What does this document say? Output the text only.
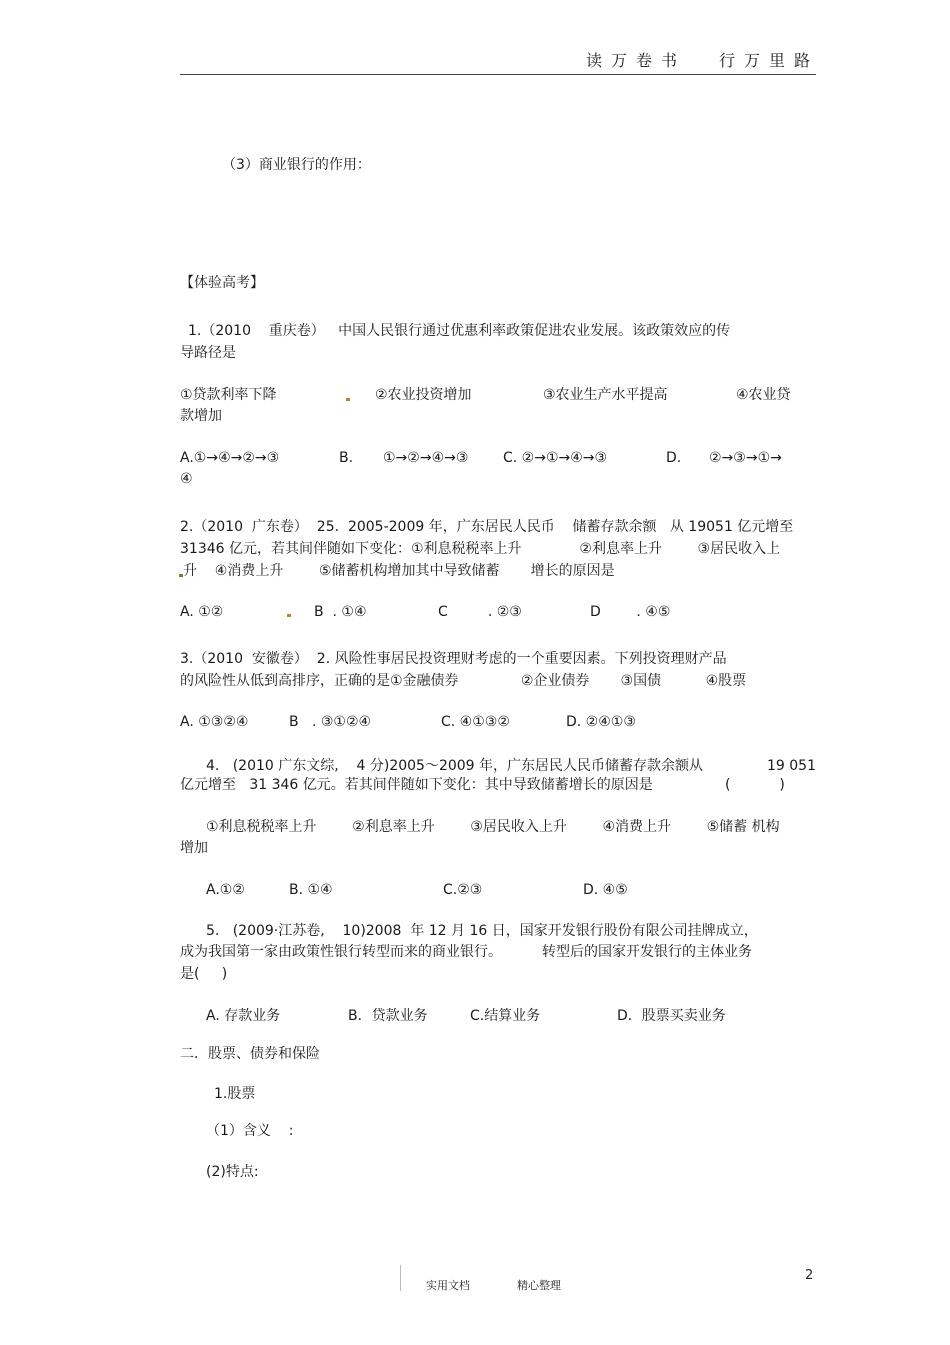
读万卷书 行万里路
（3）商业银行的作用：
【体验高考】
1.（2010    重庆卷）   中国人民银行通过优惠利率政策促进农业发展。该政策效应的传
导路径是
①贷款利率下降	②农业投资增加	③农业生产水平提高	④农业贷
款增加
A.①→④→②→③	B. ①→②→④→③ C. ②→①→④→③	D. ②→③→①→
④
2.（2010  广东卷）  25.  2005-2009 年，广东居民人民币    储蓄存款余额   从 19051 亿元增至
31346 亿元，若其间伴随如下变化：①利息税税率上升             ②利息率上升        ③居民收入上
升    ④消费上升        ⑤储蓄机构增加其中导致储蓄       增长的原因是
A. ①②	B  . ①④	C         . ②③	D        . ④⑤
3.（2010  安徽卷）  2. 风险性事居民投资理财考虑的一个重要因素。下列投资理财产品
的风险性从低到高排序，正确的是①金融债券              ②企业债券       ③国债          ④股票
A. ①③②④	B   . ③①②④	C. ④①③②	D. ②④①③
4.   (2010 广东文综,    4 分)2005～2009 年，广东居民人民币储蓄存款余额从	19 051
亿元增至   31 346 亿元。若其间伴随如下变化：其中导致储蓄增长的原因是	(           )
①利息税税率上升        ②利息率上升        ③居民收入上升        ④消费上升        ⑤储蓄 机构
增加
A.①②	B. ①④	C.②③	D. ④⑤
5.   (2009·江苏卷,    10)2008  年 12 月 16 日，国家开发银行股份有限公司挂牌成立，
成为我国第一家由政策性银行转型而来的商业银行。         转型后的国家开发银行的主体业务
是(     )
A. 存款业务	B．贷款业务	C.结算业务	D．股票买卖业务
二．股票、债券和保险
1.股票
（1）含义    :
(2)特点:
实用文档	精心整理
2
